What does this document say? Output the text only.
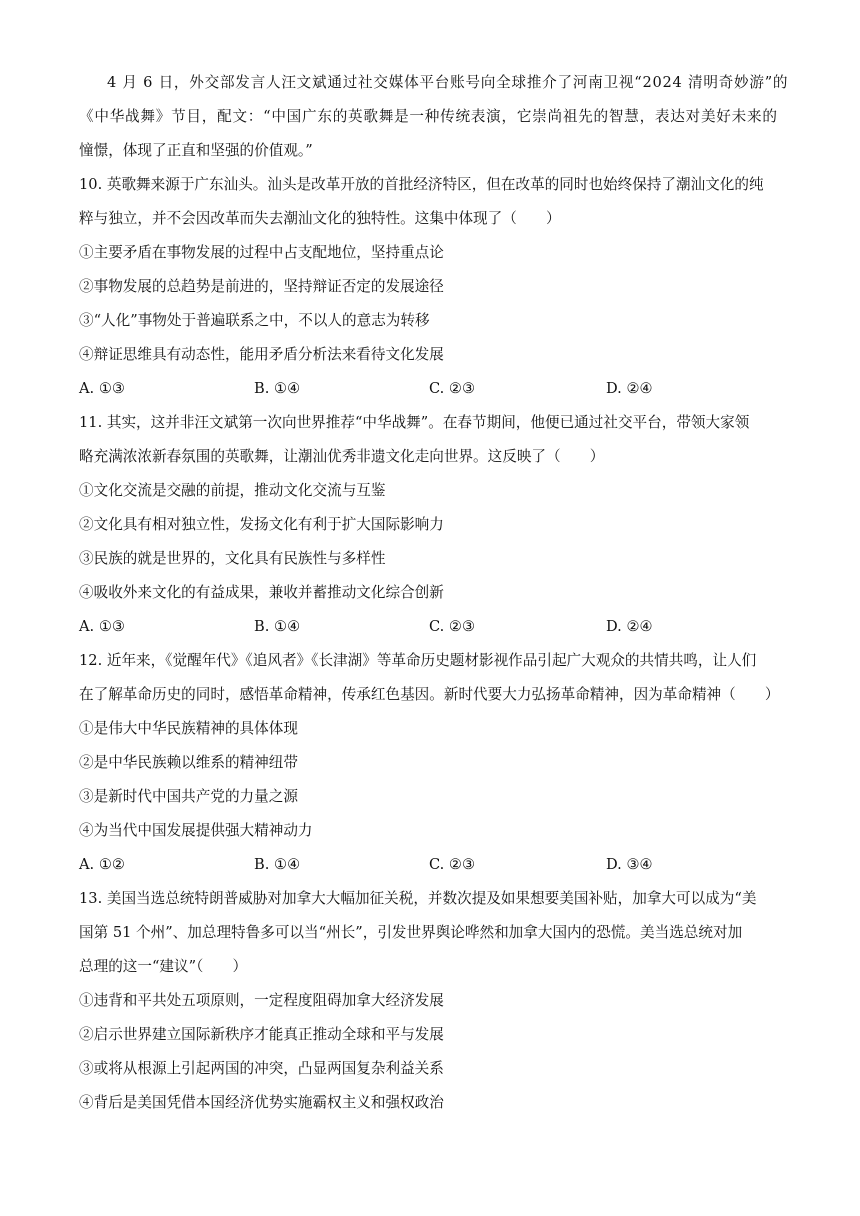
4 月 6 日，外交部发言人汪文斌通过社交媒体平台账号向全球推介了河南卫视“2024 清明奇妙游”的
《中华战舞》节目，配文：“中国广东的英歌舞是一种传统表演，它崇尚祖先的智慧，表达对美好未来的
憧憬，体现了正直和坚强的价值观。”
10. 英歌舞来源于广东汕头。汕头是改革开放的首批经济特区，但在改革的同时也始终保持了潮汕文化的纯
粹与独立，并不会因改革而失去潮汕文化的独特性。这集中体现了（　　）
①主要矛盾在事物发展的过程中占支配地位，坚持重点论
②事物发展的总趋势是前进的，坚持辩证否定的发展途径
③“人化”事物处于普遍联系之中，不以人的意志为转移
④辩证思维具有动态性，能用矛盾分析法来看待文化发展
A. ①③	B. ①④	C. ②③	D. ②④
11. 其实，这并非汪文斌第一次向世界推荐“中华战舞”。在春节期间，他便已通过社交平台，带领大家领
略充满浓浓新春氛围的英歌舞，让潮汕优秀非遗文化走向世界。这反映了（　　）
①文化交流是交融的前提，推动文化交流与互鉴
②文化具有相对独立性，发扬文化有利于扩大国际影响力
③民族的就是世界的，文化具有民族性与多样性
④吸收外来文化的有益成果，兼收并蓄推动文化综合创新
A. ①③	B. ①④	C. ②③	D. ②④
12. 近年来，《觉醒年代》《追风者》《长津湖》等革命历史题材影视作品引起广大观众的共情共鸣，让人们
在了解革命历史的同时，感悟革命精神，传承红色基因。新时代要大力弘扬革命精神，因为革命精神（　　）
①是伟大中华民族精神的具体体现
②是中华民族赖以维系的精神纽带
③是新时代中国共产党的力量之源
④为当代中国发展提供强大精神动力
A. ①②	B. ①④	C. ②③	D. ③④
13. 美国当选总统特朗普威胁对加拿大大幅加征关税，并数次提及如果想要美国补贴，加拿大可以成为“美
国第 51 个州”、加总理特鲁多可以当“州长”，引发世界舆论哗然和加拿大国内的恐慌。美当选总统对加
总理的这一“建议”（　　）
①违背和平共处五项原则，一定程度阻碍加拿大经济发展
②启示世界建立国际新秩序才能真正推动全球和平与发展
③或将从根源上引起两国的冲突，凸显两国复杂利益关系
④背后是美国凭借本国经济优势实施霸权主义和强权政治
